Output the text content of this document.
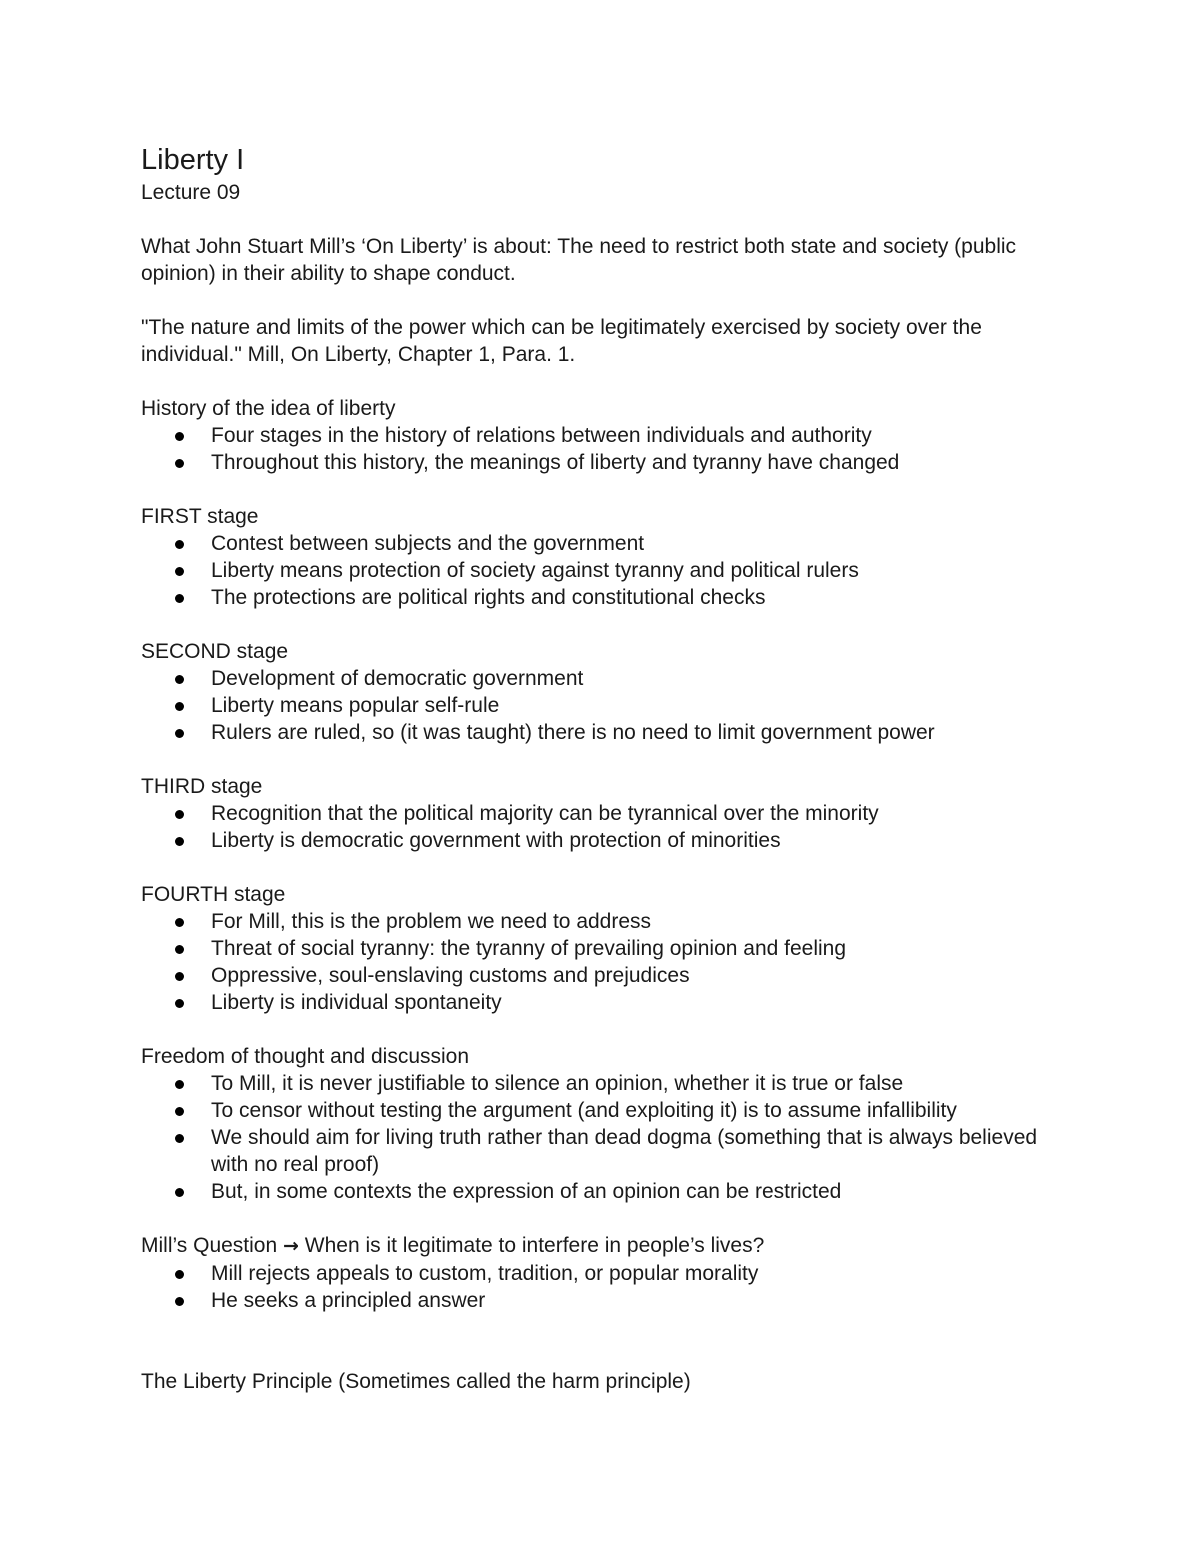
Liberty I
Lecture 09

What John Stuart Mill’s ‘On Liberty’ is about: The need to restrict both state and society (public opinion) in their ability to shape conduct.

"The nature and limits of the power which can be legitimately exercised by society over the individual." Mill, On Liberty, Chapter 1, Para. 1.

History of the idea of liberty
Four stages in the history of relations between individuals and authority
Throughout this history, the meanings of liberty and tyranny have changed
FIRST stage
Contest between subjects and the government
Liberty means protection of society against tyranny and political rulers
The protections are political rights and constitutional checks
SECOND stage
Development of democratic government
Liberty means popular self-rule
Rulers are ruled, so (it was taught) there is no need to limit government power
THIRD stage
Recognition that the political majority can be tyrannical over the minority
Liberty is democratic government with protection of minorities
FOURTH stage
For Mill, this is the problem we need to address
Threat of social tyranny: the tyranny of prevailing opinion and feeling
Oppressive, soul-enslaving customs and prejudices
Liberty is individual spontaneity
Freedom of thought and discussion
To Mill, it is never justifiable to silence an opinion, whether it is true or false
To censor without testing the argument (and exploiting it) is to assume infallibility
We should aim for living truth rather than dead dogma (something that is always believed with no real proof)
But, in some contexts the expression of an opinion can be restricted
Mill’s Question → When is it legitimate to interfere in people’s lives?
Mill rejects appeals to custom, tradition, or popular morality
He seeks a principled answer
The Liberty Principle (Sometimes called the harm principle)
